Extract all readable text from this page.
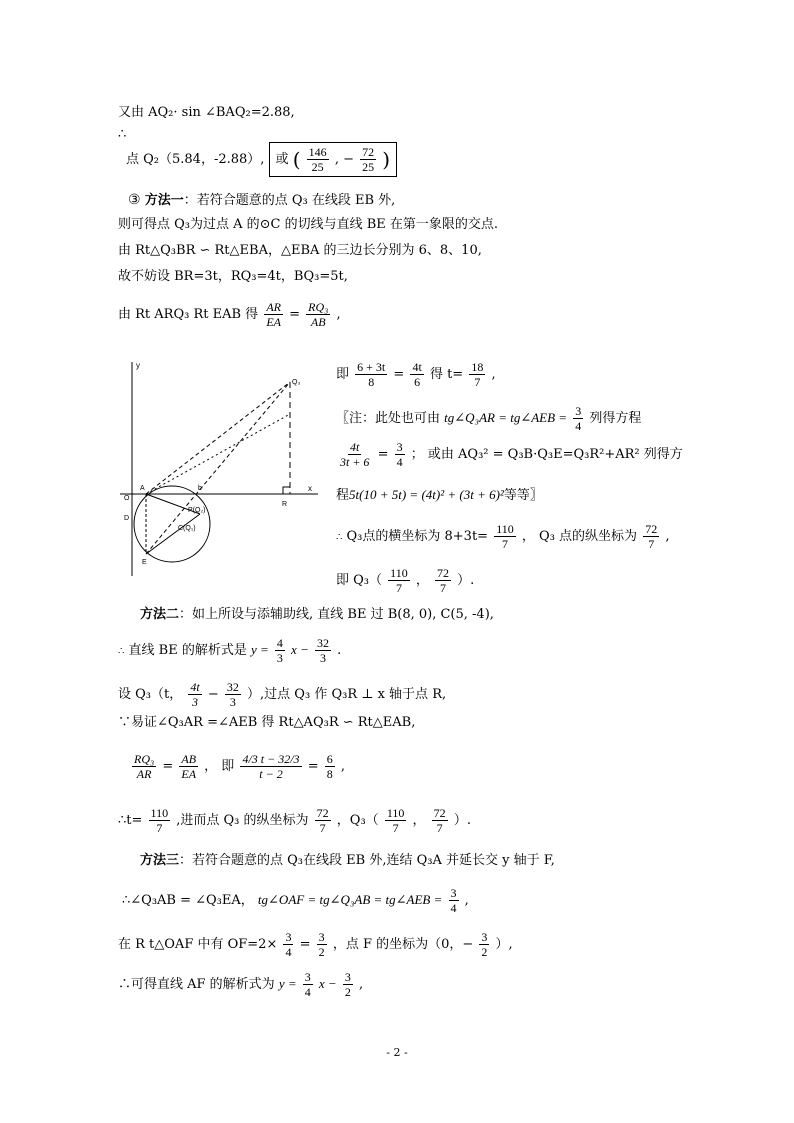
又由 AQ₂· sin ∠BAQ₂=2.88,
∴
点 Q₂（5.84，-2.88）, 或 ( $\frac{146}{25}$ , − $\frac{72}{25}$ )
③ 方法一：若符合题意的点 Q₃ 在线段 EB 外,
则可得点 Q₃为过点 A 的⊙C 的切线与直线 BE 在第一象限的交点.
由 Rt△Q₃BR ∽ Rt△EBA，△EBA 的三边长分别为 6、8、10,
故不妨设 BR=3t，RQ₃=4t，BQ₃=5t,
由 Rt ARQ₃ Rt EAB 得 $\frac{AR}{EA} = \frac{\text{RQ₃}}{AB}$ ,
y
x
Q₃
A	b
R
O
D
E
P(Q₂)
C(Q₁)
即 $\frac{6 + 3t}{8} = \frac{4t}{6}$ 得 $t= \frac{18}{7}$ ,
〖注：此处也可由 tg∠Q₃AR = tg∠AEB = $\frac{3}{4}$ 列得方程
$\frac{4t}{3t + 6} = \frac{3}{4}$ ； 或由 AQ₃² = Q₃B·Q₃E=Q₃R²+AR² 列得方
程5t(10 + 5t) = (4t)² + (3t + 6)²等等〗
∴ Q₃点的横坐标为 $8+3t= \frac{110}{7}$ ， Q₃ 点的纵坐标为 $\frac{72}{7}$ ,
即 $Q_3( \frac{110}{7}$ ， $\frac{72}{7}$ ）.
方法二：如上所设与添辅助线, 直线 BE 过 B(8, 0), C(5, -4),
∴ 直线 BE 的解析式是 $y = \frac{4}{3}$ $x - \frac{32}{3}$ .
设 Q₃（t， $\frac{4t}{3} - \frac{32}{3}$ ）,过点 Q₃ 作 Q₃R ⊥ x 轴于点 R,
∵易证∠Q₃AR =∠AEB 得 Rt△AQ₃R ∽ Rt△EAB,
$\frac{\text{RQ₃}}{AR} = \frac{AB}{EA}$ ， 即 $\frac{4/3 t - 32/3}{t - 2} = \frac{6}{8}$ ,
∴t= $\frac{110}{7}$ ,进而点 Q₃ 的纵坐标为 $\frac{72}{7}$ ，$Q_3( \frac{110}{7}$ ， $\frac{72}{7}$ ）.
方法三：若符合题意的点 Q₃在线段 EB 外,连结 Q₃A 并延长交 y 轴于 F,
∴∠Q₃AB = ∠Q₃EA， tg∠OAF = tg∠Q₃AB = tg∠AEB = $\frac{3}{4}$ ,
在 R t△OAF 中有 $OF=2\times \frac{3}{4} = \frac{3}{2}$ ，点 F 的坐标为（0，− $\frac{3}{2}$ ）,
∴可得直线 AF 的解析式为 $y = \frac{3}{4}$ $x - \frac{3}{2}$ ,
- 2 -
